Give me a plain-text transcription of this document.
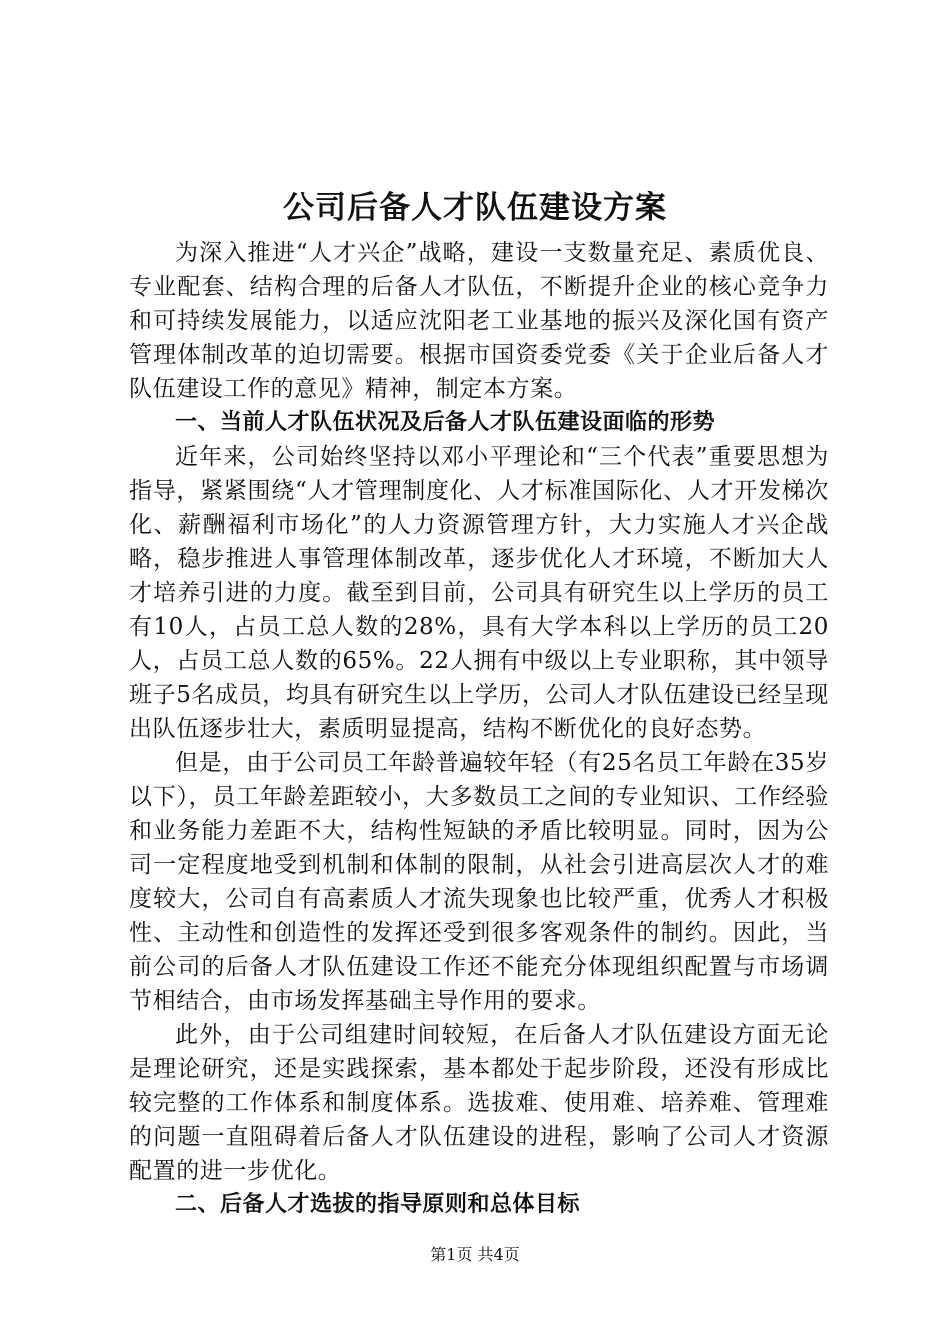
公司后备人才队伍建设方案

为深入推进“人才兴企”战略，建设一支数量充足、素质优良、专业配套、结构合理的后备人才队伍，不断提升企业的核心竞争力和可持续发展能力，以适应沈阳老工业基地的振兴及深化国有资产管理体制改革的迫切需要。根据市国资委党委《关于企业后备人才队伍建设工作的意见》精神，制定本方案。

一、当前人才队伍状况及后备人才队伍建设面临的形势

近年来，公司始终坚持以邓小平理论和“三个代表”重要思想为指导，紧紧围绕“人才管理制度化、人才标准国际化、人才开发梯次化、薪酬福利市场化”的人力资源管理方针，大力实施人才兴企战略，稳步推进人事管理体制改革，逐步优化人才环境，不断加大人才培养引进的力度。截至到目前，公司具有研究生以上学历的员工有10人，占员工总人数的28%，具有大学本科以上学历的员工20人，占员工总人数的65%。22人拥有中级以上专业职称，其中领导班子5名成员，均具有研究生以上学历，公司人才队伍建设已经呈现出队伍逐步壮大，素质明显提高，结构不断优化的良好态势。

但是，由于公司员工年龄普遍较年轻（有25名员工年龄在35岁以下），员工年龄差距较小，大多数员工之间的专业知识、工作经验和业务能力差距不大，结构性短缺的矛盾比较明显。同时，因为公司一定程度地受到机制和体制的限制，从社会引进高层次人才的难度较大，公司自有高素质人才流失现象也比较严重，优秀人才积极性、主动性和创造性的发挥还受到很多客观条件的制约。因此，当前公司的后备人才队伍建设工作还不能充分体现组织配置与市场调节相结合，由市场发挥基础主导作用的要求。

此外，由于公司组建时间较短，在后备人才队伍建设方面无论是理论研究，还是实践探索，基本都处于起步阶段，还没有形成比较完整的工作体系和制度体系。选拔难、使用难、培养难、管理难的问题一直阻碍着后备人才队伍建设的进程，影响了公司人才资源配置的进一步优化。

二、后备人才选拔的指导原则和总体目标

第1页 共4页
